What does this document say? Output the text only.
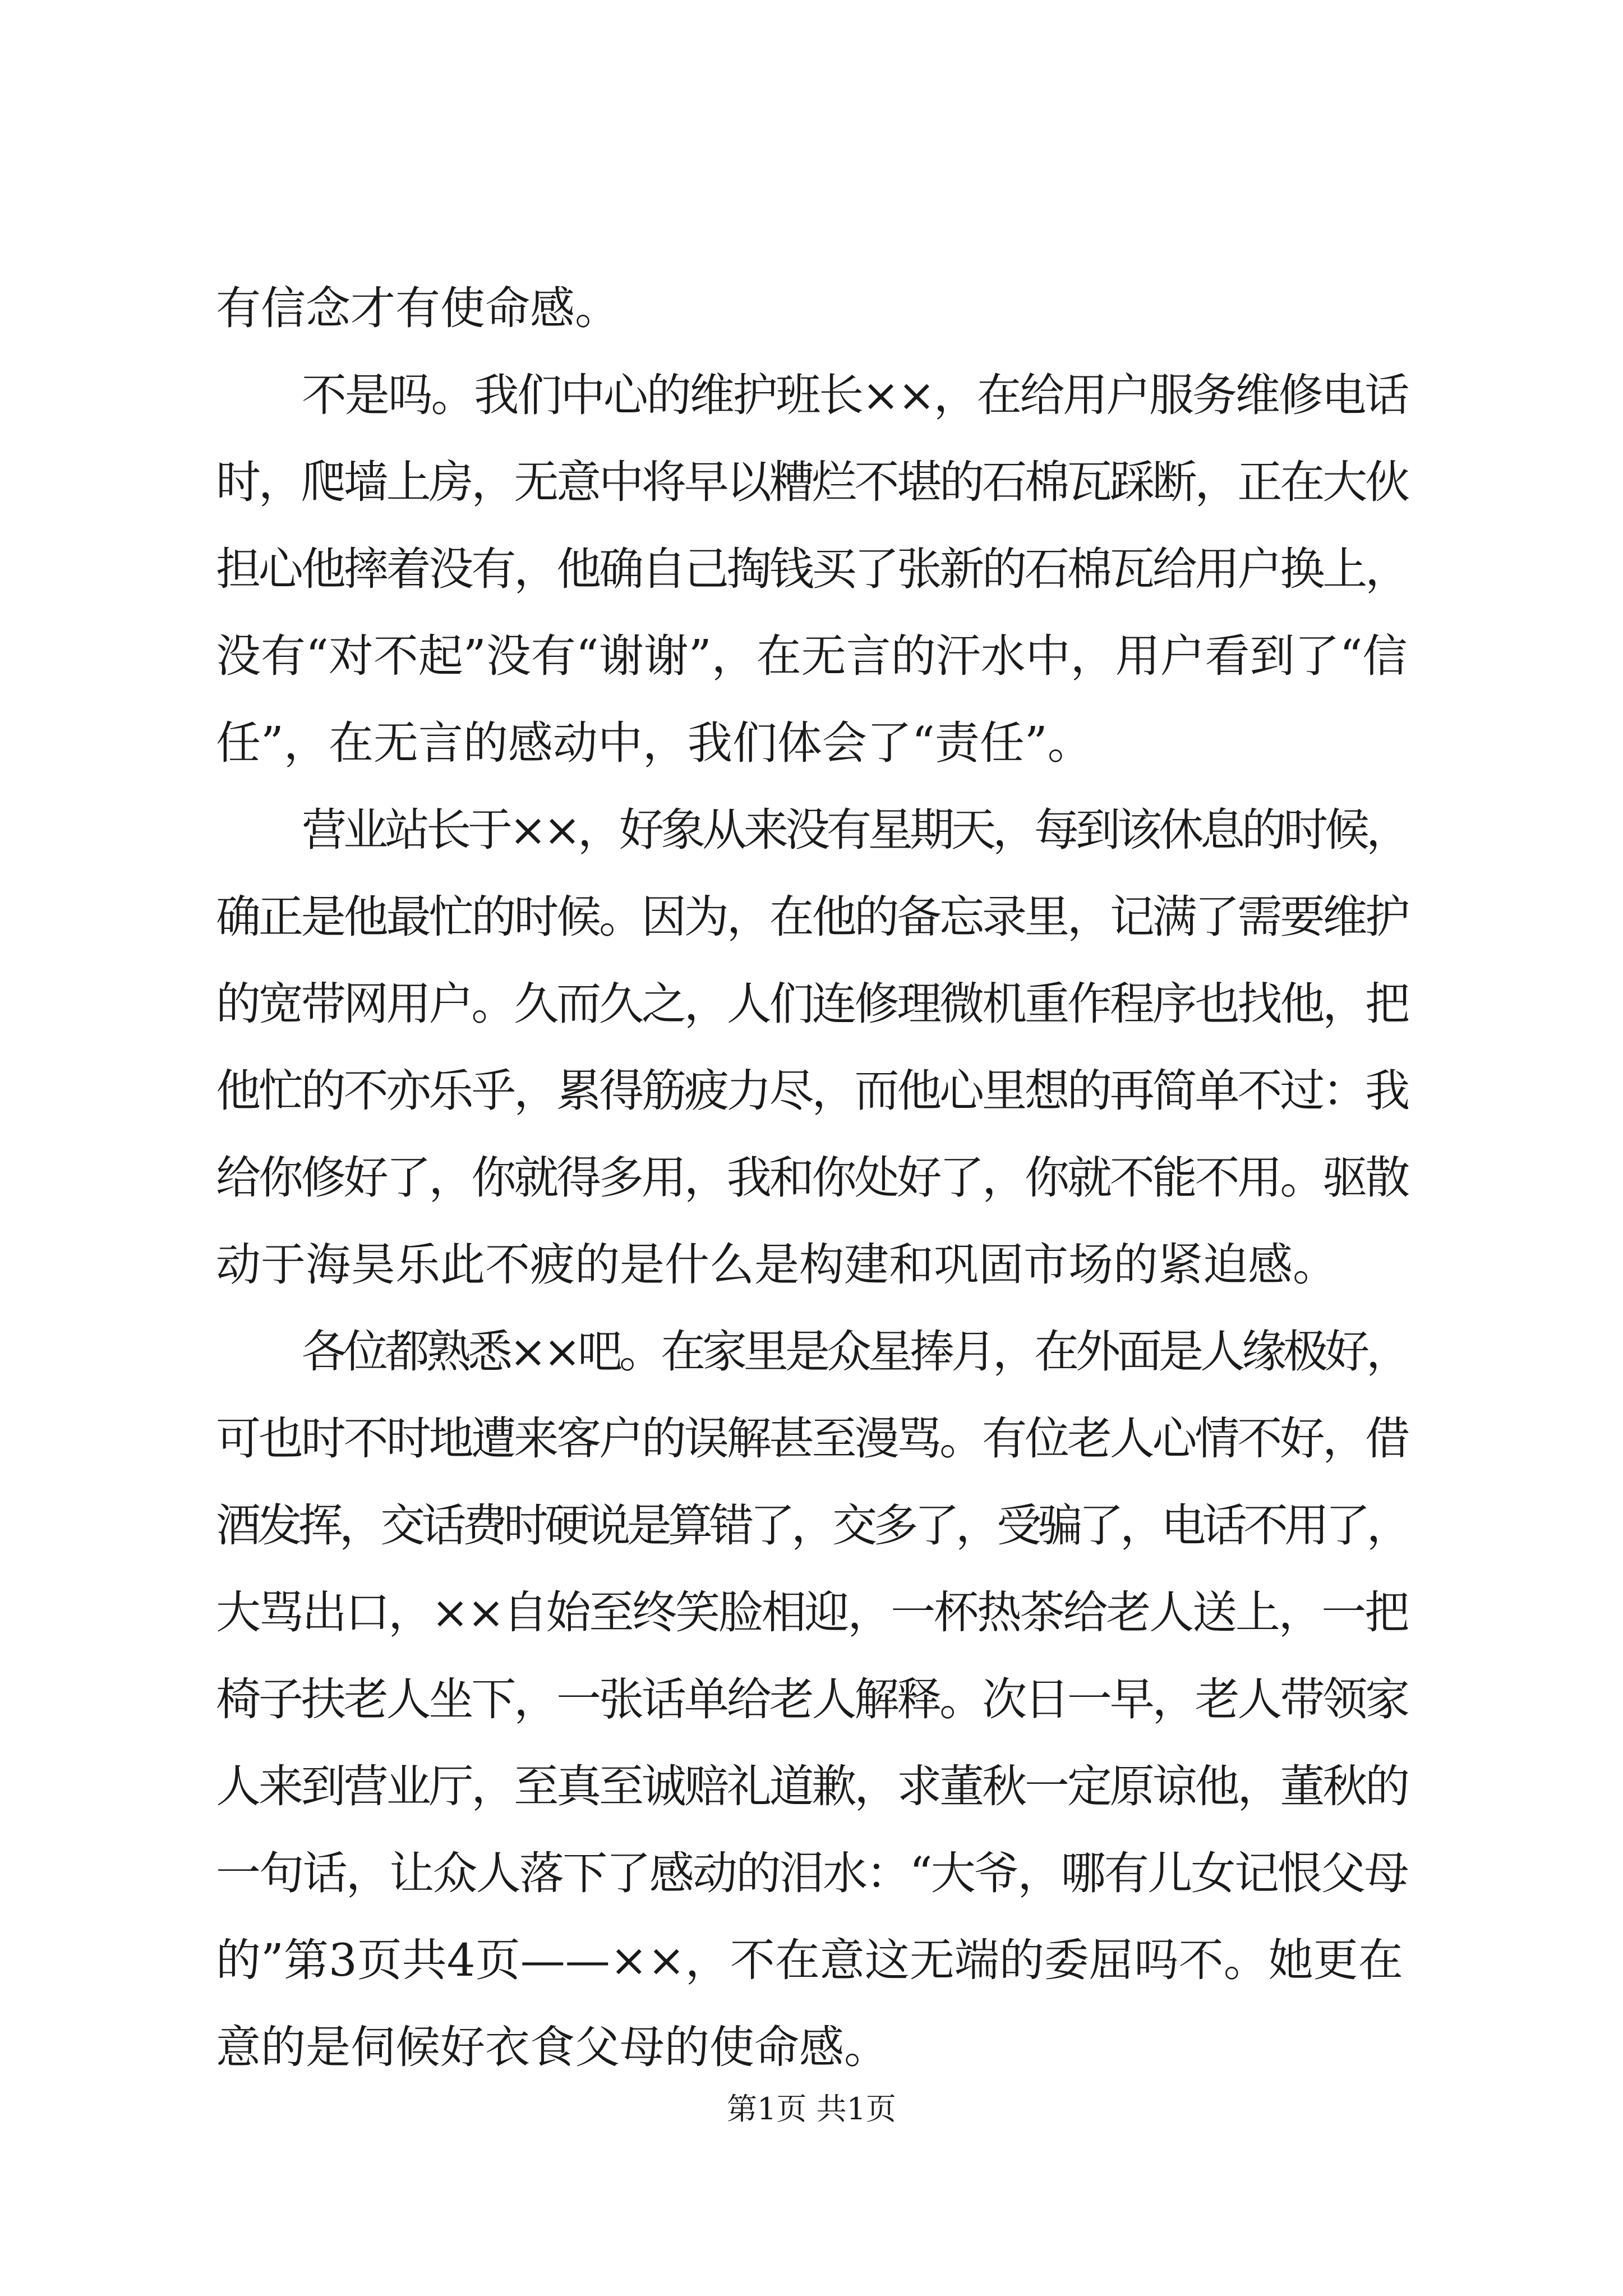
有信念才有使命感。
不是吗。我们中心的维护班长××，在给用户服务维修电话
时，爬墙上房，无意中将早以糟烂不堪的石棉瓦踩断，正在大伙
担心他摔着没有，他确自己掏钱买了张新的石棉瓦给用户换上，
没有“对不起”没有“谢谢”，在无言的汗水中，用户看到了“信
任”，在无言的感动中，我们体会了“责任”。
营业站长于××，好象从来没有星期天，每到该休息的时候，
确正是他最忙的时候。因为，在他的备忘录里，记满了需要维护
的宽带网用户。久而久之，人们连修理微机重作程序也找他，把
他忙的不亦乐乎，累得筋疲力尽，而他心里想的再简单不过：我
给你修好了，你就得多用，我和你处好了，你就不能不用。驱散
动于海昊乐此不疲的是什么是构建和巩固市场的紧迫感。
各位都熟悉××吧。在家里是众星捧月，在外面是人缘极好，
可也时不时地遭来客户的误解甚至漫骂。有位老人心情不好，借
酒发挥，交话费时硬说是算错了，交多了，受骗了，电话不用了，
大骂出口，××自始至终笑脸相迎，一杯热茶给老人送上，一把
椅子扶老人坐下，一张话单给老人解释。次日一早，老人带领家
人来到营业厅，至真至诚赔礼道歉，求董秋一定原谅他，董秋的
一句话，让众人落下了感动的泪水：“大爷，哪有儿女记恨父母
的”第3页共4页——××，不在意这无端的委屈吗不。她更在
意的是伺候好衣食父母的使命感。
第1页 共1页
